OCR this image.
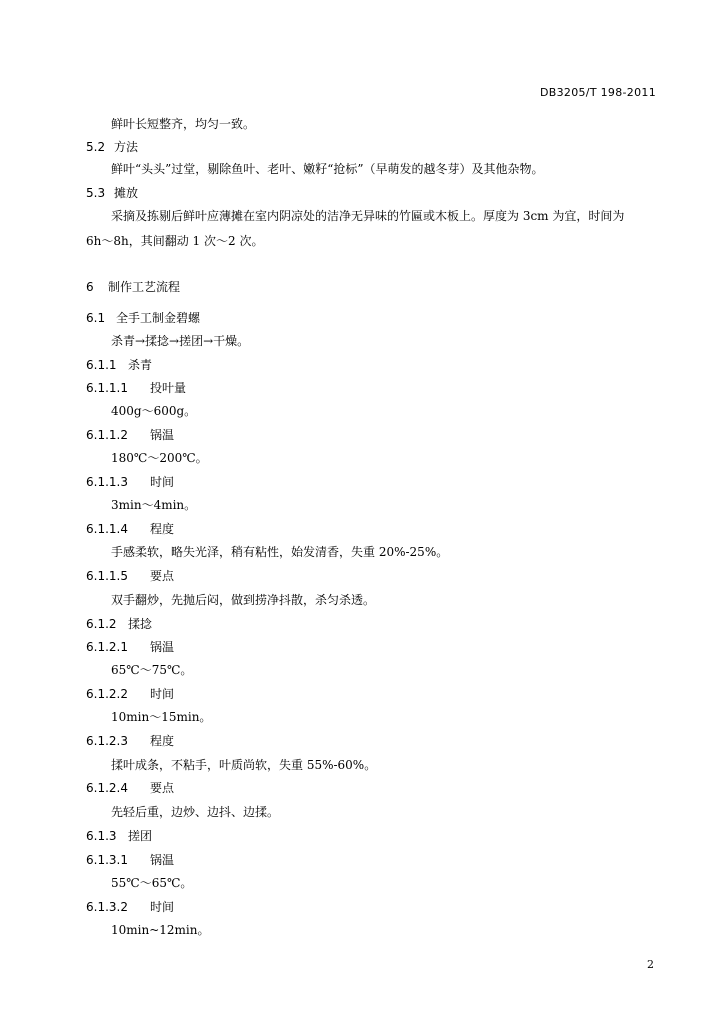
DB3205/T 198-2011
鲜叶长短整齐，均匀一致。
5.2 方法
鲜叶“头头”过堂，剔除鱼叶、老叶、嫩籽“抢标”（早萌发的越冬芽）及其他杂物。
5.3 摊放
采摘及拣剔后鲜叶应薄摊在室内阴凉处的洁净无异味的竹匾或木板上。厚度为 3cm 为宜，时间为
6h～8h，其间翻动 1 次～2 次。
6 制作工艺流程
6.1 全手工制金碧螺
杀青→揉捻→搓团→干燥。
6.1.1 杀青
6.1.1.1 投叶量
400g～600g。
6.1.1.2 锅温
180℃～200℃。
6.1.1.3 时间
3min～4min。
6.1.1.4 程度
手感柔软，略失光泽，稍有粘性，始发清香，失重 20%-25%。
6.1.1.5 要点
双手翻炒，先抛后闷，做到捞净抖散，杀匀杀透。
6.1.2 揉捻
6.1.2.1 锅温
65℃～75℃。
6.1.2.2 时间
10min～15min。
6.1.2.3 程度
揉叶成条，不粘手，叶质尚软，失重 55%-60%。
6.1.2.4 要点
先轻后重，边炒、边抖、边揉。
6.1.3 搓团
6.1.3.1 锅温
55℃～65℃。
6.1.3.2 时间
10min~12min。
2
